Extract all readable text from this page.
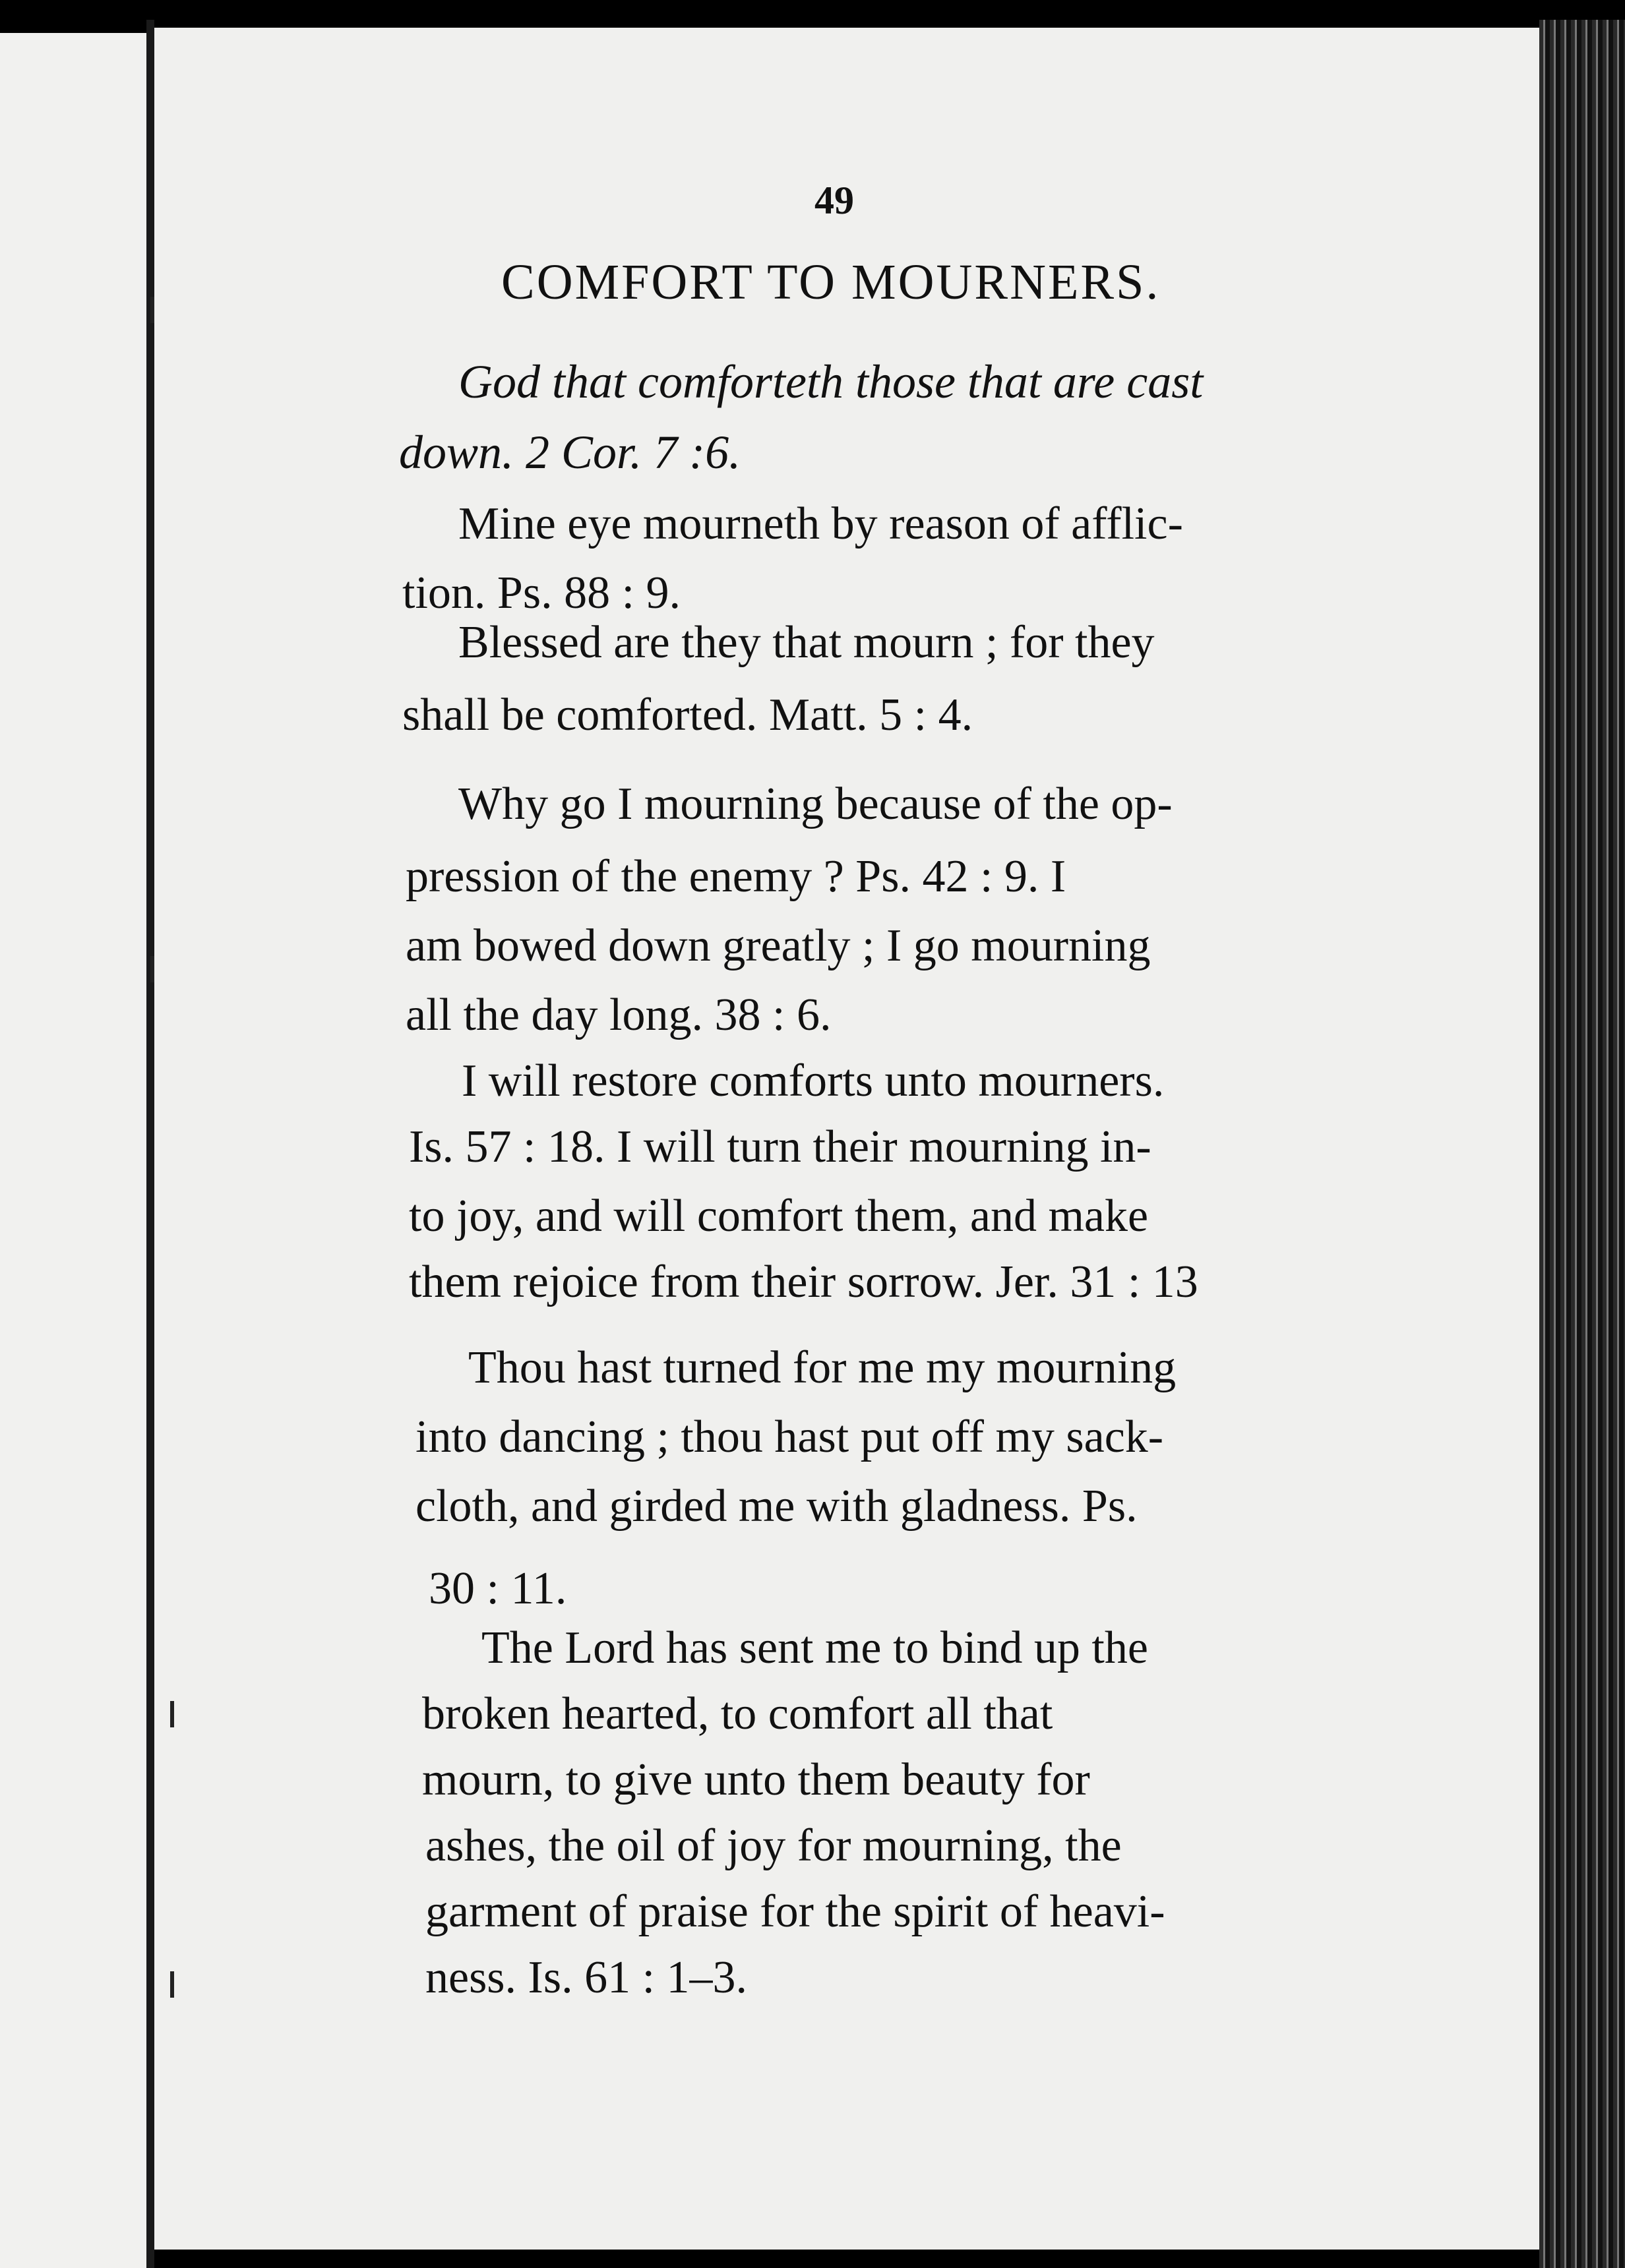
49
COMFORT TO MOURNERS.
God that comforteth those that are cast
down. 2 Cor. 7 :6.
Mine eye mourneth by reason of afflic-
tion. Ps. 88 : 9.
Blessed are they that mourn ; for they
shall be comforted. Matt. 5 : 4.
Why go I mourning because of the op-
pression of the enemy ? Ps. 42 : 9. I
am bowed down greatly ; I go mourning
all the day long. 38 : 6.
I will restore comforts unto mourners.
Is. 57 : 18. I will turn their mourning in-
to joy, and will comfort them, and make
them rejoice from their sorrow. Jer. 31 : 13
Thou hast turned for me my mourning
into dancing ; thou hast put off my sack-
cloth, and girded me with gladness. Ps.
30 : 11.
The Lord has sent me to bind up the
broken hearted, to comfort all that
mourn, to give unto them beauty for
ashes, the oil of joy for mourning, the
garment of praise for the spirit of heavi-
ness. Is. 61 : 1–3.
